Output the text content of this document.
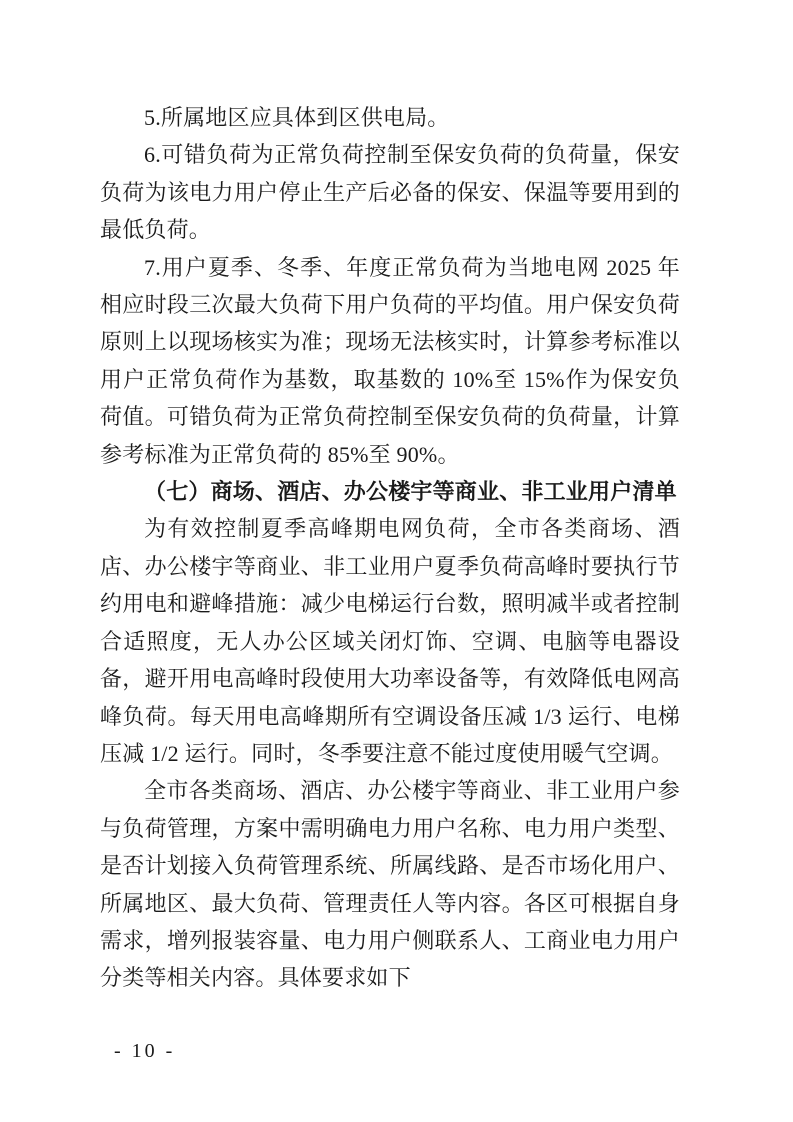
5.所属地区应具体到区供电局。

6.可错负荷为正常负荷控制至保安负荷的负荷量，保安负荷为该电力用户停止生产后必备的保安、保温等要用到的最低负荷。

7.用户夏季、冬季、年度正常负荷为当地电网 2025 年相应时段三次最大负荷下用户负荷的平均值。用户保安负荷原则上以现场核实为准；现场无法核实时，计算参考标准以用户正常负荷作为基数，取基数的 10%至 15%作为保安负荷值。可错负荷为正常负荷控制至保安负荷的负荷量，计算参考标准为正常负荷的 85%至 90%。

（七）商场、酒店、办公楼宇等商业、非工业用户清单

为有效控制夏季高峰期电网负荷，全市各类商场、酒店、办公楼宇等商业、非工业用户夏季负荷高峰时要执行节约用电和避峰措施：减少电梯运行台数，照明减半或者控制合适照度，无人办公区域关闭灯饰、空调、电脑等电器设备，避开用电高峰时段使用大功率设备等，有效降低电网高峰负荷。每天用电高峰期所有空调设备压减 1/3 运行、电梯压减 1/2 运行。同时，冬季要注意不能过度使用暖气空调。

全市各类商场、酒店、办公楼宇等商业、非工业用户参与负荷管理，方案中需明确电力用户名称、电力用户类型、是否计划接入负荷管理系统、所属线路、是否市场化用户、所属地区、最大负荷、管理责任人等内容。各区可根据自身需求，增列报装容量、电力用户侧联系人、工商业电力用户分类等相关内容。具体要求如下

- 10 -
